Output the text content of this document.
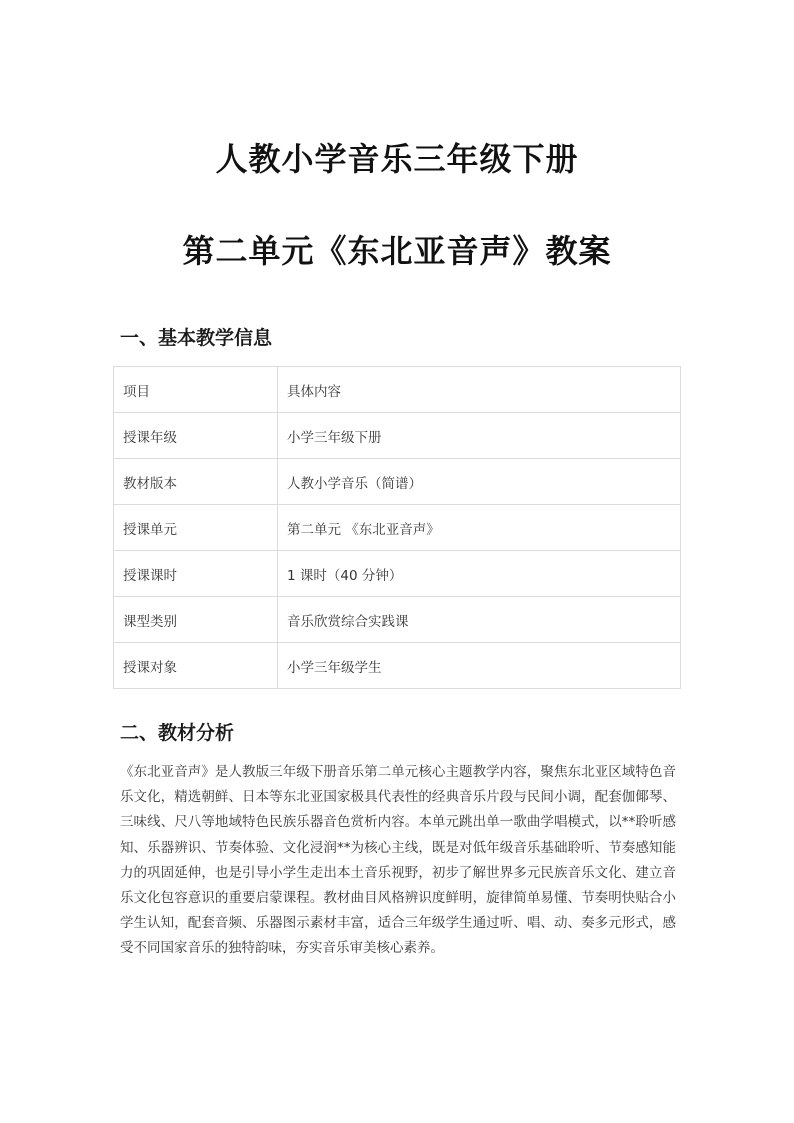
人教小学音乐三年级下册
第二单元《东北亚音声》教案
一、基本教学信息
项目	具体内容
授课年级	小学三年级下册
教材版本	人教小学音乐（简谱）
授课单元	第二单元 《东北亚音声》
授课课时	1 课时（40 分钟）
课型类别	音乐欣赏综合实践课
授课对象	小学三年级学生
二、教材分析

《东北亚音声》是人教版三年级下册音乐第二单元核心主题教学内容，聚焦东北亚区域特色音乐文化，精选朝鲜、日本等东北亚国家极具代表性的经典音乐片段与民间小调，配套伽倻琴、三味线、尺八等地域特色民族乐器音色赏析内容。本单元跳出单一歌曲学唱模式，以**聆听感知、乐器辨识、节奏体验、文化浸润**为核心主线，既是对低年级音乐基础聆听、节奏感知能力的巩固延伸，也是引导小学生走出本土音乐视野，初步了解世界多元民族音乐文化、建立音乐文化包容意识的重要启蒙课程。教材曲目风格辨识度鲜明，旋律简单易懂、节奏明快贴合小学生认知，配套音频、乐器图示素材丰富，适合三年级学生通过听、唱、动、奏多元形式，感受不同国家音乐的独特韵味，夯实音乐审美核心素养。
